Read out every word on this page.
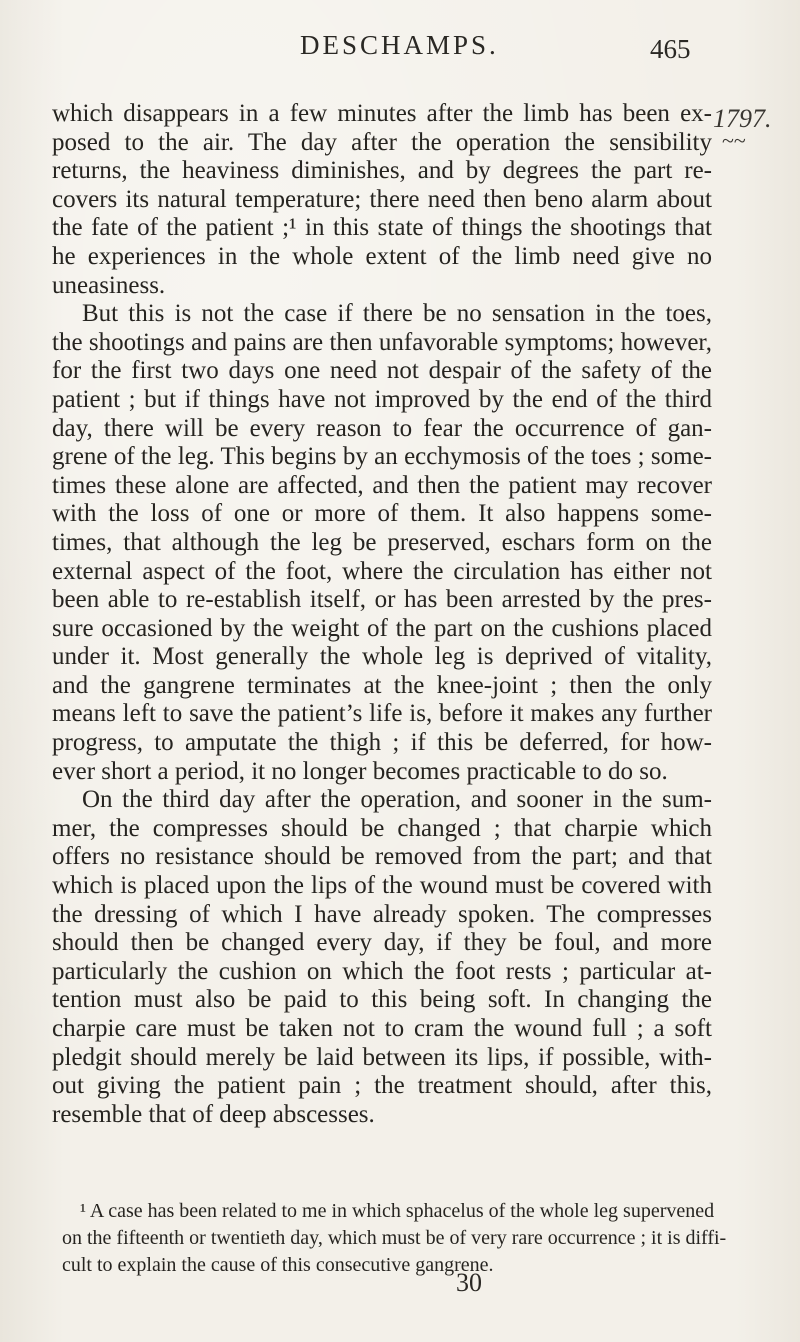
DESCHAMPS.	465
1797.
~~
which disappears in a few minutes after the limb has been ex-
posed to the air. The day after the operation the sensibility
returns, the heaviness diminishes, and by degrees the part re-
covers its natural temperature; there need then beno alarm about
the fate of the patient ;¹ in this state of things the shootings that
he experiences in the whole extent of the limb need give no
uneasiness.
But this is not the case if there be no sensation in the toes,
the shootings and pains are then unfavorable symptoms; however,
for the first two days one need not despair of the safety of the
patient ; but if things have not improved by the end of the third
day, there will be every reason to fear the occurrence of gan-
grene of the leg. This begins by an ecchymosis of the toes ; some-
times these alone are affected, and then the patient may recover
with the loss of one or more of them. It also happens some-
times, that although the leg be preserved, eschars form on the
external aspect of the foot, where the circulation has either not
been able to re-establish itself, or has been arrested by the pres-
sure occasioned by the weight of the part on the cushions placed
under it. Most generally the whole leg is deprived of vitality,
and the gangrene terminates at the knee-joint ; then the only
means left to save the patient’s life is, before it makes any further
progress, to amputate the thigh ; if this be deferred, for how-
ever short a period, it no longer becomes practicable to do so.
On the third day after the operation, and sooner in the sum-
mer, the compresses should be changed ; that charpie which
offers no resistance should be removed from the part; and that
which is placed upon the lips of the wound must be covered with
the dressing of which I have already spoken. The compresses
should then be changed every day, if they be foul, and more
particularly the cushion on which the foot rests ; particular at-
tention must also be paid to this being soft. In changing the
charpie care must be taken not to cram the wound full ; a soft
pledgit should merely be laid between its lips, if possible, with-
out giving the patient pain ; the treatment should, after this,
resemble that of deep abscesses.
¹ A case has been related to me in which sphacelus of the whole leg supervened
on the fifteenth or twentieth day, which must be of very rare occurrence ; it is diffi-
cult to explain the cause of this consecutive gangrene.
30
